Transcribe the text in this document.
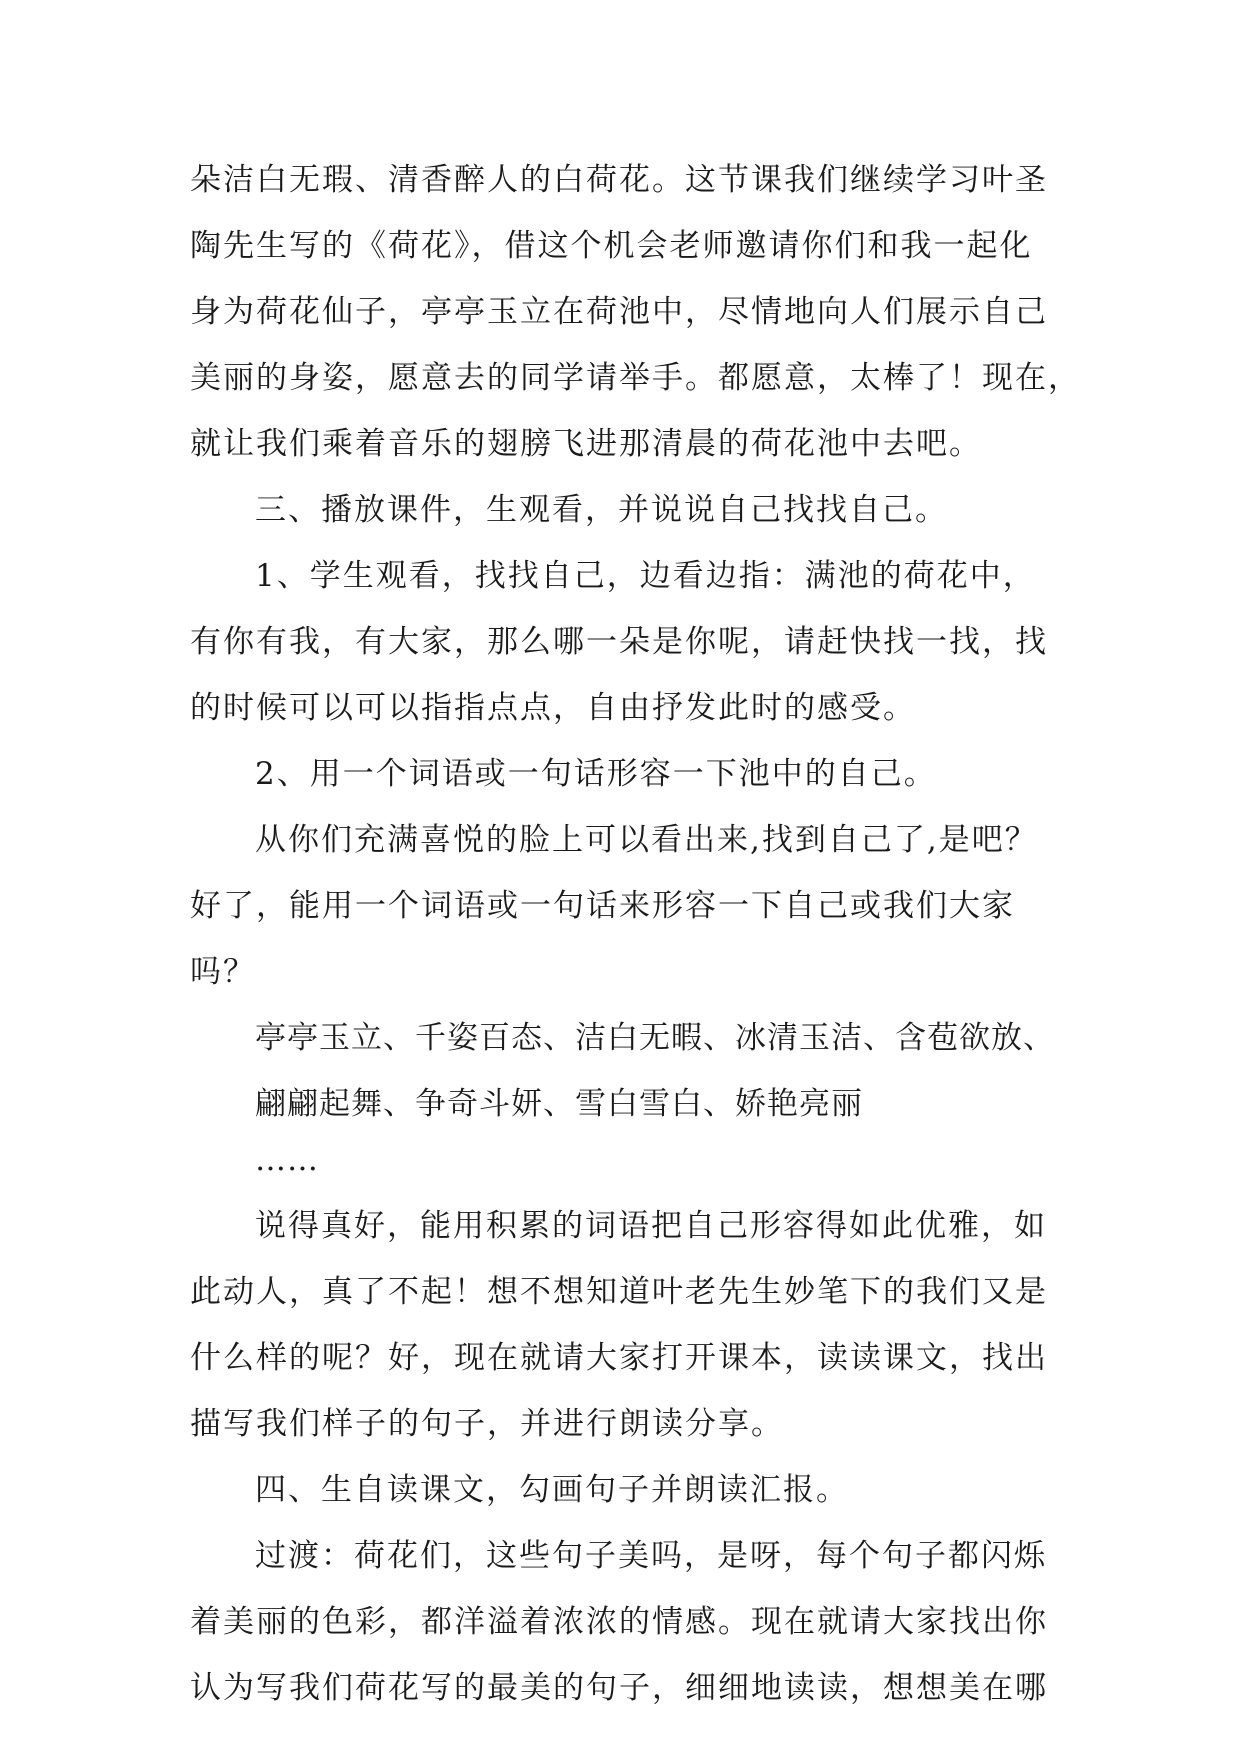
朵洁白无瑕、清香醉人的白荷花。这节课我们继续学习叶圣
陶先生写的《荷花》，借这个机会老师邀请你们和我一起化
身为荷花仙子，亭亭玉立在荷池中，尽情地向人们展示自己
美丽的身姿，愿意去的同学请举手。都愿意，太棒了！现在，
就让我们乘着音乐的翅膀飞进那清晨的荷花池中去吧。
三、播放课件，生观看，并说说自己找找自己。
1、学生观看，找找自己，边看边指：满池的荷花中，
有你有我，有大家，那么哪一朵是你呢，请赶快找一找，找
的时候可以可以指指点点，自由抒发此时的感受。
2、用一个词语或一句话形容一下池中的自己。
从你们充满喜悦的脸上可以看出来,找到自己了,是吧？
好了，能用一个词语或一句话来形容一下自己或我们大家
吗？
亭亭玉立、千姿百态、洁白无暇、冰清玉洁、含苞欲放、
翩翩起舞、争奇斗妍、雪白雪白、娇艳亮丽
……
说得真好，能用积累的词语把自己形容得如此优雅，如
此动人，真了不起！想不想知道叶老先生妙笔下的我们又是
什么样的呢？好，现在就请大家打开课本，读读课文，找出
描写我们样子的句子，并进行朗读分享。
四、生自读课文，勾画句子并朗读汇报。
过渡：荷花们，这些句子美吗，是呀，每个句子都闪烁
着美丽的色彩，都洋溢着浓浓的情感。现在就请大家找出你
认为写我们荷花写的最美的句子，细细地读读，想想美在哪
